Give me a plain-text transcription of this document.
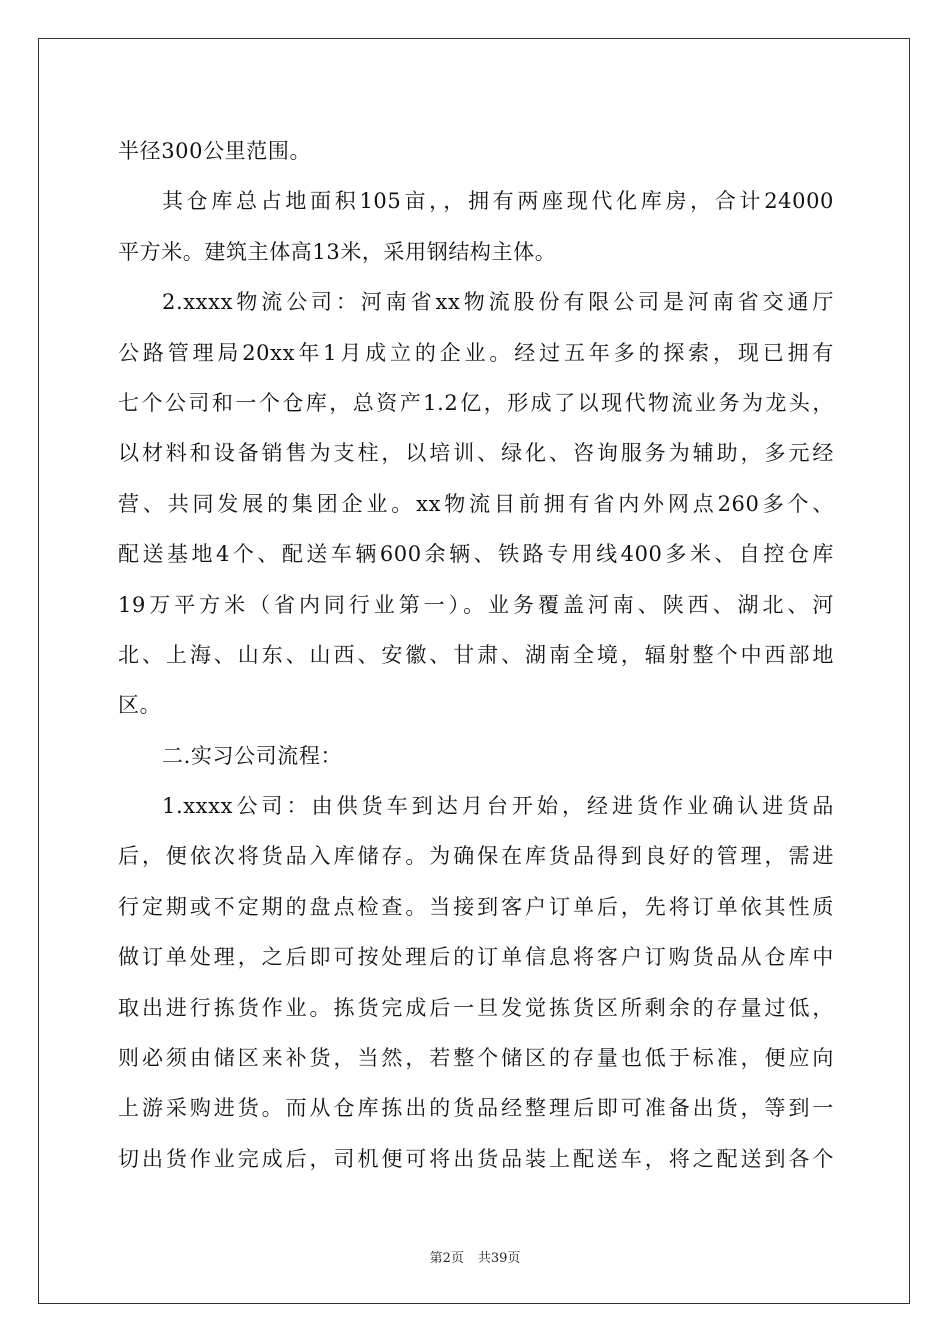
半径300公里范围。
其仓库总占地面积105亩，，拥有两座现代化库房，合计24000
平方米。建筑主体高13米，采用钢结构主体。
2.xxxx物流公司：河南省xx物流股份有限公司是河南省交通厅
公路管理局20xx年1月成立的企业。经过五年多的探索，现已拥有
七个公司和一个仓库，总资产1.2亿，形成了以现代物流业务为龙头，
以材料和设备销售为支柱，以培训、绿化、咨询服务为辅助，多元经
营、共同发展的集团企业。xx物流目前拥有省内外网点260多个、
配送基地4个、配送车辆600余辆、铁路专用线400多米、自控仓库
19万平方米（省内同行业第一）。业务覆盖河南、陕西、湖北、河
北、上海、山东、山西、安徽、甘肃、湖南全境，辐射整个中西部地
区。
二.实习公司流程：
1.xxxx公司：由供货车到达月台开始，经进货作业确认进货品
后，便依次将货品入库储存。为确保在库货品得到良好的管理，需进
行定期或不定期的盘点检查。当接到客户订单后，先将订单依其性质
做订单处理，之后即可按处理后的订单信息将客户订购货品从仓库中
取出进行拣货作业。拣货完成后一旦发觉拣货区所剩余的存量过低，
则必须由储区来补货，当然，若整个储区的存量也低于标准，便应向
上游采购进货。而从仓库拣出的货品经整理后即可准备出货，等到一
切出货作业完成后，司机便可将出货品装上配送车，将之配送到各个
第2页 共39页
